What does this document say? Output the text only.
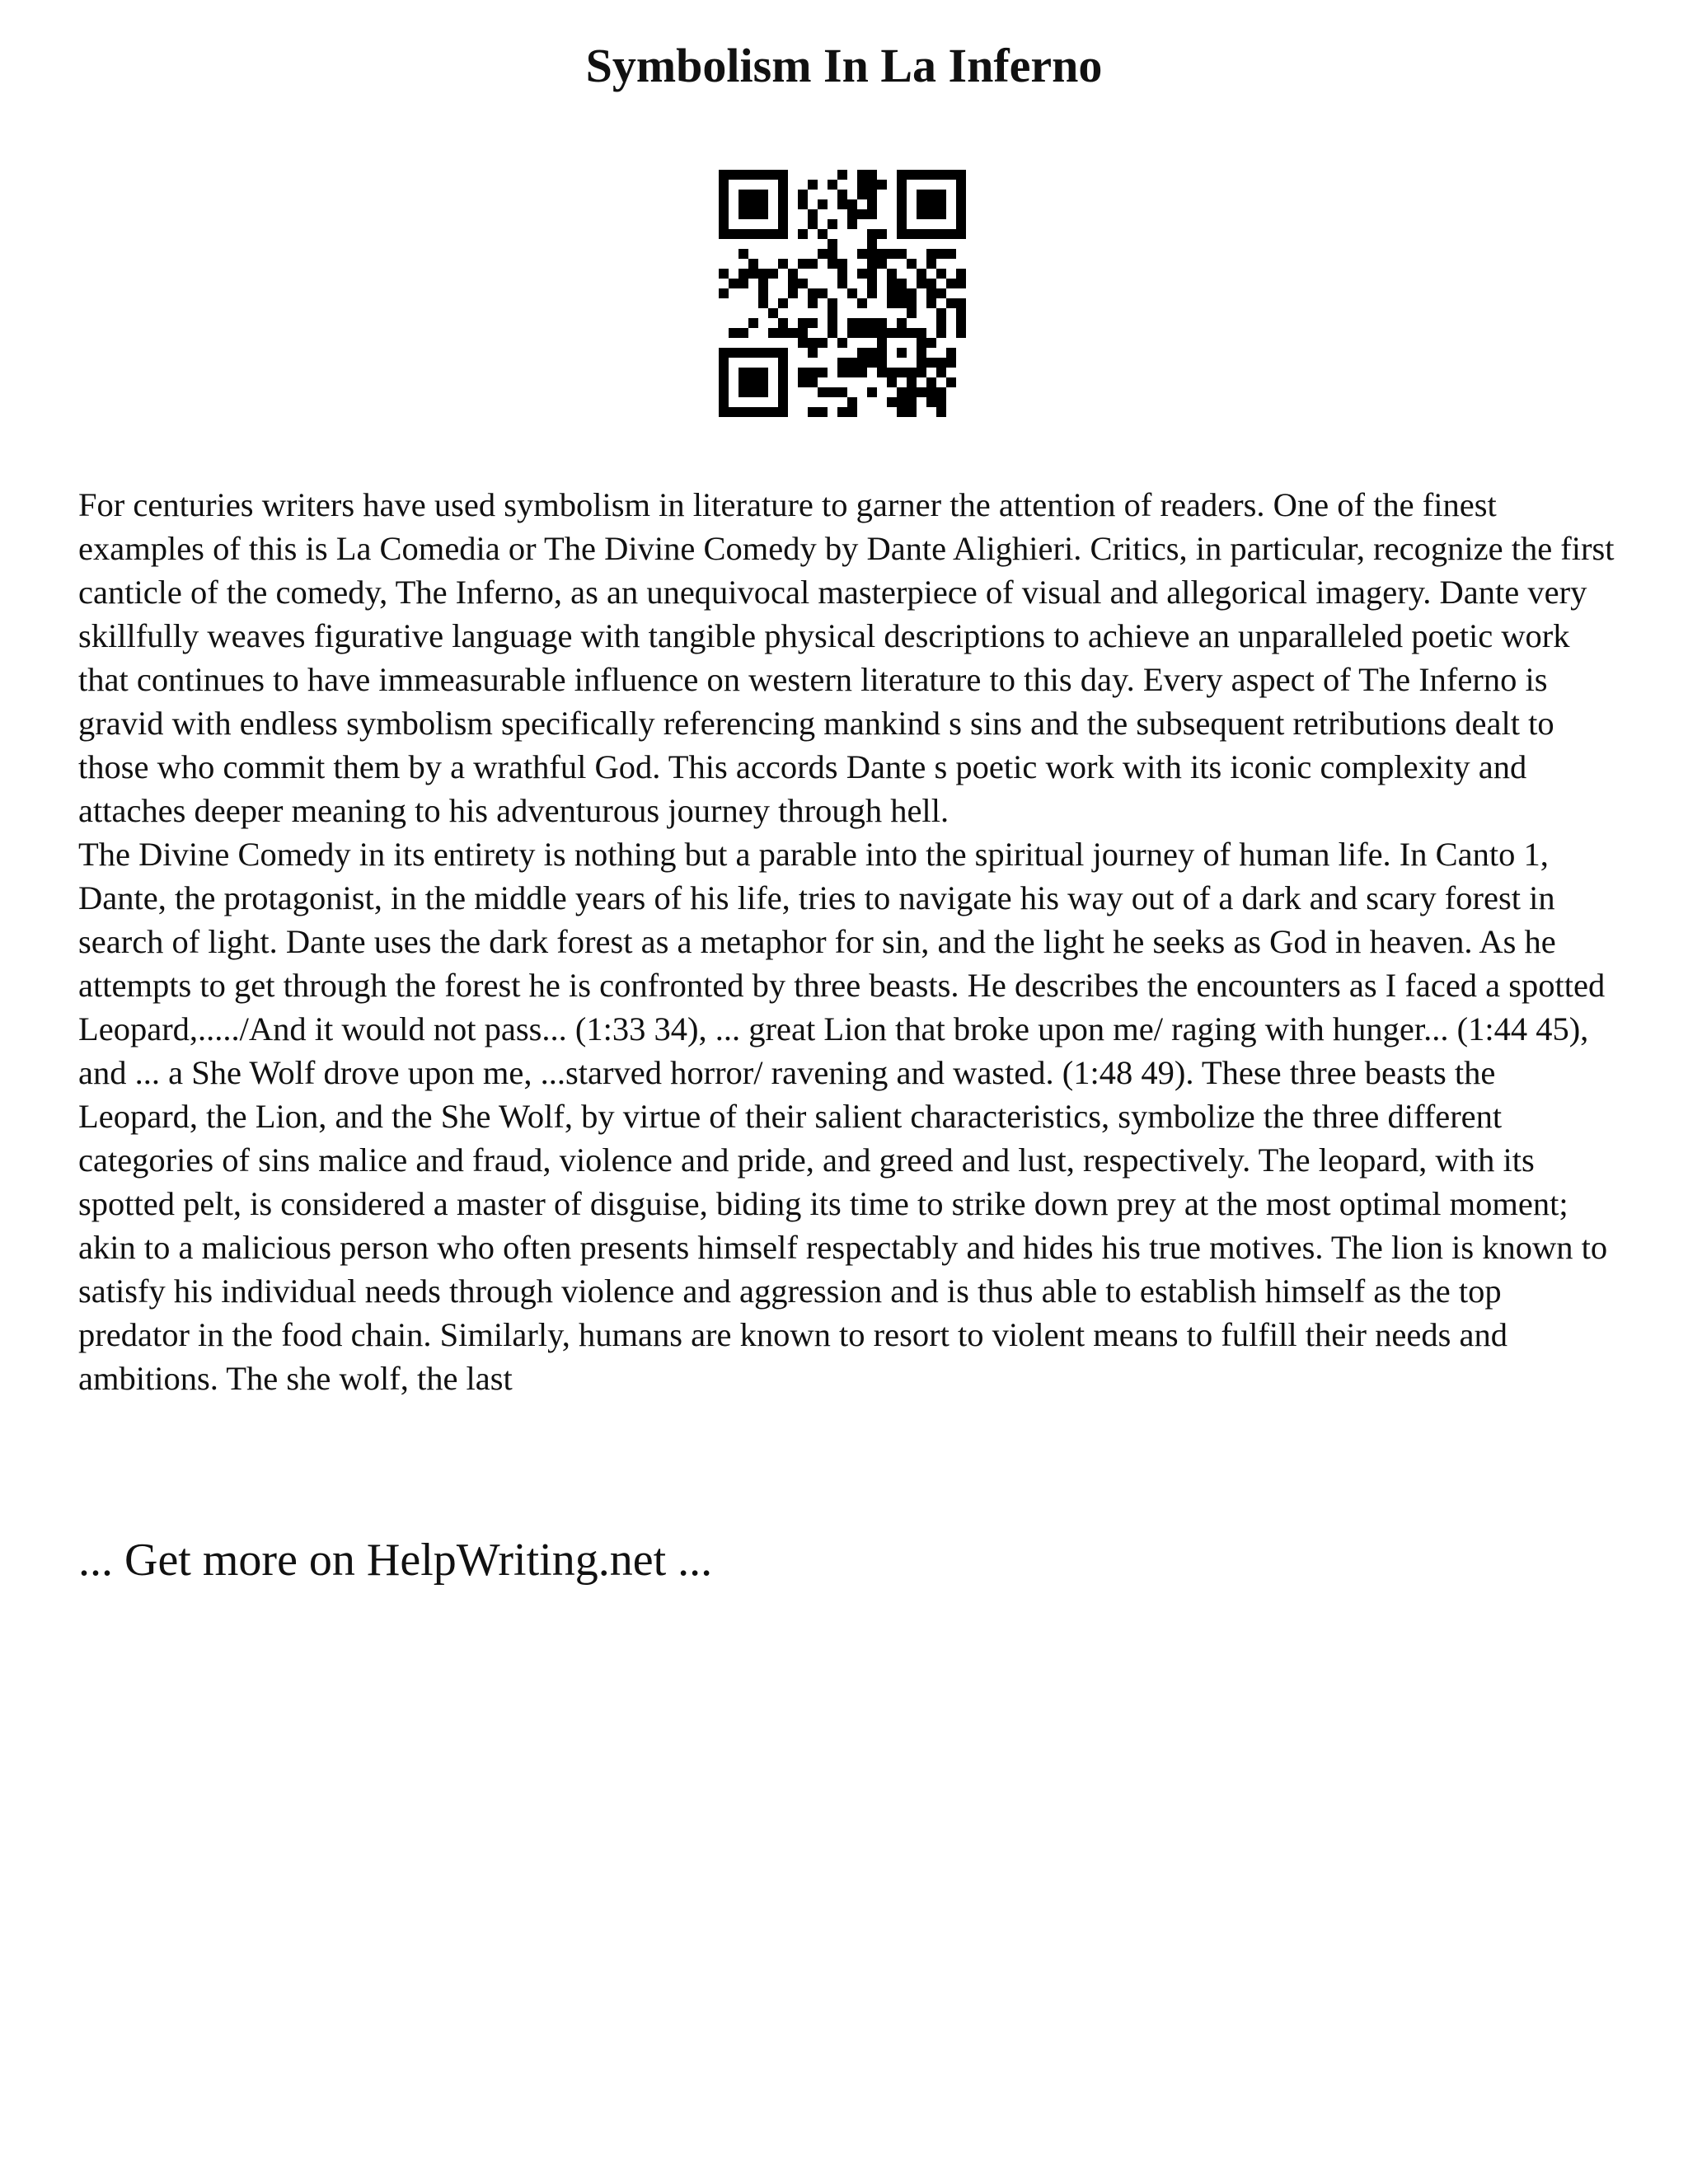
Symbolism In La Inferno

For centuries writers have used symbolism in literature to garner the attention of readers. One of the finest examples of this is La Comedia or The Divine Comedy by Dante Alighieri. Critics, in particular, recognize the first canticle of the comedy, The Inferno, as an unequivocal masterpiece of visual and allegorical imagery. Dante very skillfully weaves figurative language with tangible physical descriptions to achieve an unparalleled poetic work that continues to have immeasurable influence on western literature to this day. Every aspect of The Inferno is gravid with endless symbolism specifically referencing mankind s sins and the subsequent retributions dealt to those who commit them by a wrathful God. This accords Dante s poetic work with its iconic complexity and attaches deeper meaning to his adventurous journey through hell.

The Divine Comedy in its entirety is nothing but a parable into the spiritual journey of human life. In Canto 1, Dante, the protagonist, in the middle years of his life, tries to navigate his way out of a dark and scary forest in search of light. Dante uses the dark forest as a metaphor for sin, and the light he seeks as God in heaven. As he attempts to get through the forest he is confronted by three beasts. He describes the encounters as I faced a spotted Leopard,...../And it would not pass... (1:33 34), ... great Lion that broke upon me/ raging with hunger... (1:44 45), and ... a She Wolf drove upon me, ...starved horror/ ravening and wasted. (1:48 49). These three beasts the Leopard, the Lion, and the She Wolf, by virtue of their salient characteristics, symbolize the three different categories of sins malice and fraud, violence and pride, and greed and lust, respectively. The leopard, with its spotted pelt, is considered a master of disguise, biding its time to strike down prey at the most optimal moment; akin to a malicious person who often presents himself respectably and hides his true motives. The lion is known to satisfy his individual needs through violence and aggression and is thus able to establish himself as the top predator in the food chain. Similarly, humans are known to resort to violent means to fulfill their needs and ambitions. The she wolf, the last

... Get more on HelpWriting.net ...
